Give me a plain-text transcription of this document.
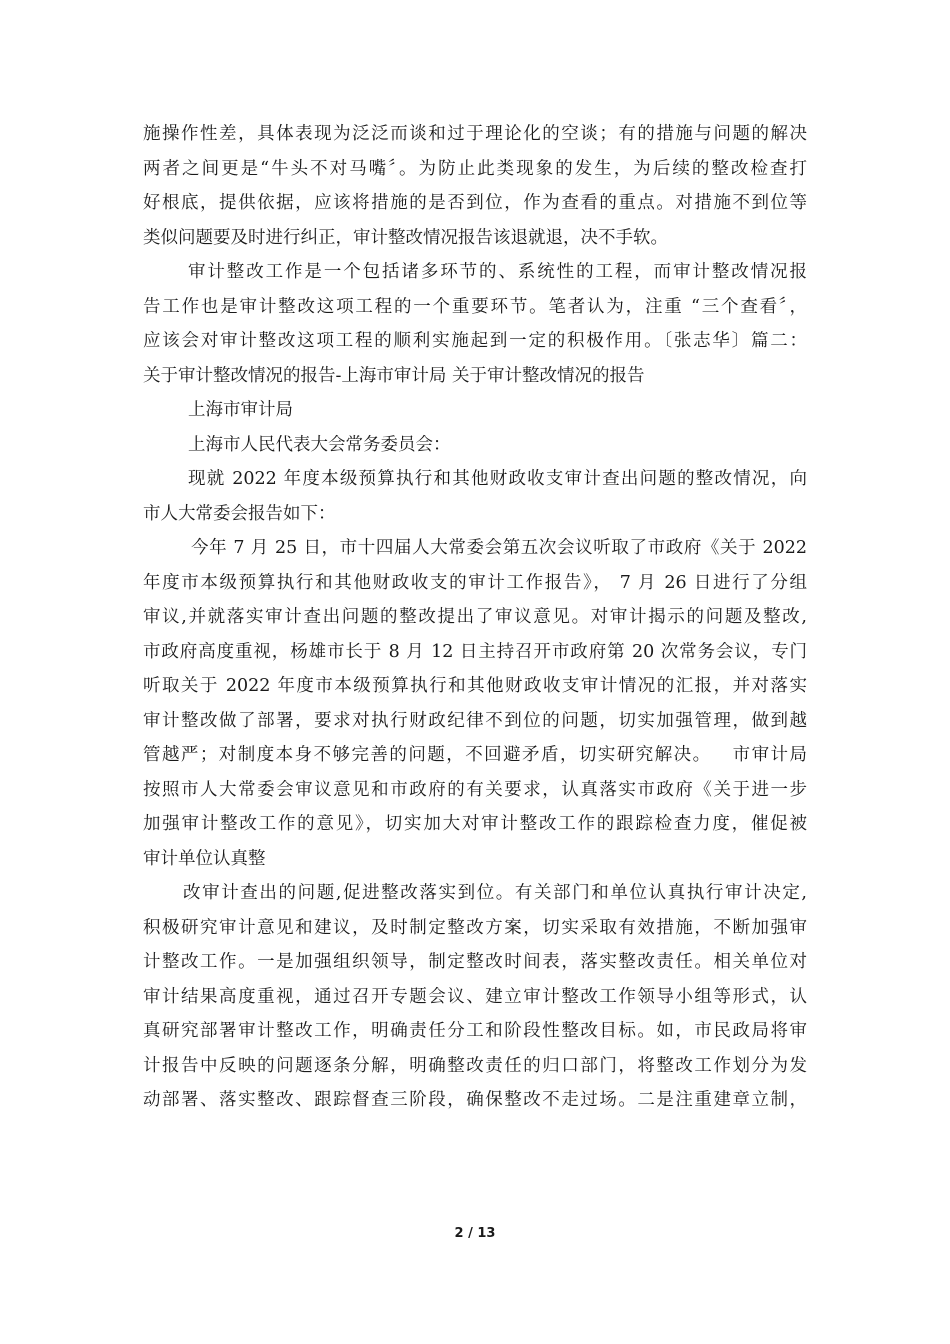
施操作性差，具体表现为泛泛而谈和过于理论化的空谈；有的措施与问题的解决
两者之间更是“牛头不对马嘴〞。为防止此类现象的发生，为后续的整改检查打
好根底，提供依据，应该将措施的是否到位，作为查看的重点。对措施不到位等
类似问题要及时进行纠正，审计整改情况报告该退就退，决不手软。
审计整改工作是一个包括诸多环节的、系统性的工程，而审计整改情况报
告工作也是审计整改这项工程的一个重要环节。笔者认为，注重 “三个查看〞，
应该会对审计整改这项工程的顺利实施起到一定的积极作用。〔张志华〕篇二：
关于审计整改情况的报告-上海市审计局 关于审计整改情况的报告
上海市审计局
上海市人民代表大会常务委员会：
现就 2022 年度本级预算执行和其他财政收支审计查出问题的整改情况，向
市人大常委会报告如下：
今年 7 月 25 日，市十四届人大常委会第五次会议听取了市政府《关于 2022
年度市本级预算执行和其他财政收支的审计工作报告》， 7 月 26 日进行了分组
审议,并就落实审计查出问题的整改提出了审议意见。对审计揭示的问题及整改,
市政府高度重视，杨雄市长于 8 月 12 日主持召开市政府第 20 次常务会议，专门
听取关于 2022 年度市本级预算执行和其他财政收支审计情况的汇报，并对落实
审计整改做了部署，要求对执行财政纪律不到位的问题，切实加强管理，做到越
管越严；对制度本身不够完善的问题，不回避矛盾，切实研究解决。   市审计局
按照市人大常委会审议意见和市政府的有关要求，认真落实市政府《关于进一步
加强审计整改工作的意见》，切实加大对审计整改工作的跟踪检查力度，催促被
审计单位认真整
改审计查出的问题,促进整改落实到位。有关部门和单位认真执行审计决定,
积极研究审计意见和建议，及时制定整改方案，切实采取有效措施，不断加强审
计整改工作。一是加强组织领导，制定整改时间表，落实整改责任。相关单位对
审计结果高度重视，通过召开专题会议、建立审计整改工作领导小组等形式，认
真研究部署审计整改工作，明确责任分工和阶段性整改目标。如，市民政局将审
计报告中反映的问题逐条分解，明确整改责任的归口部门，将整改工作划分为发
动部署、落实整改、跟踪督查三阶段，确保整改不走过场。二是注重建章立制，
2 / 13
